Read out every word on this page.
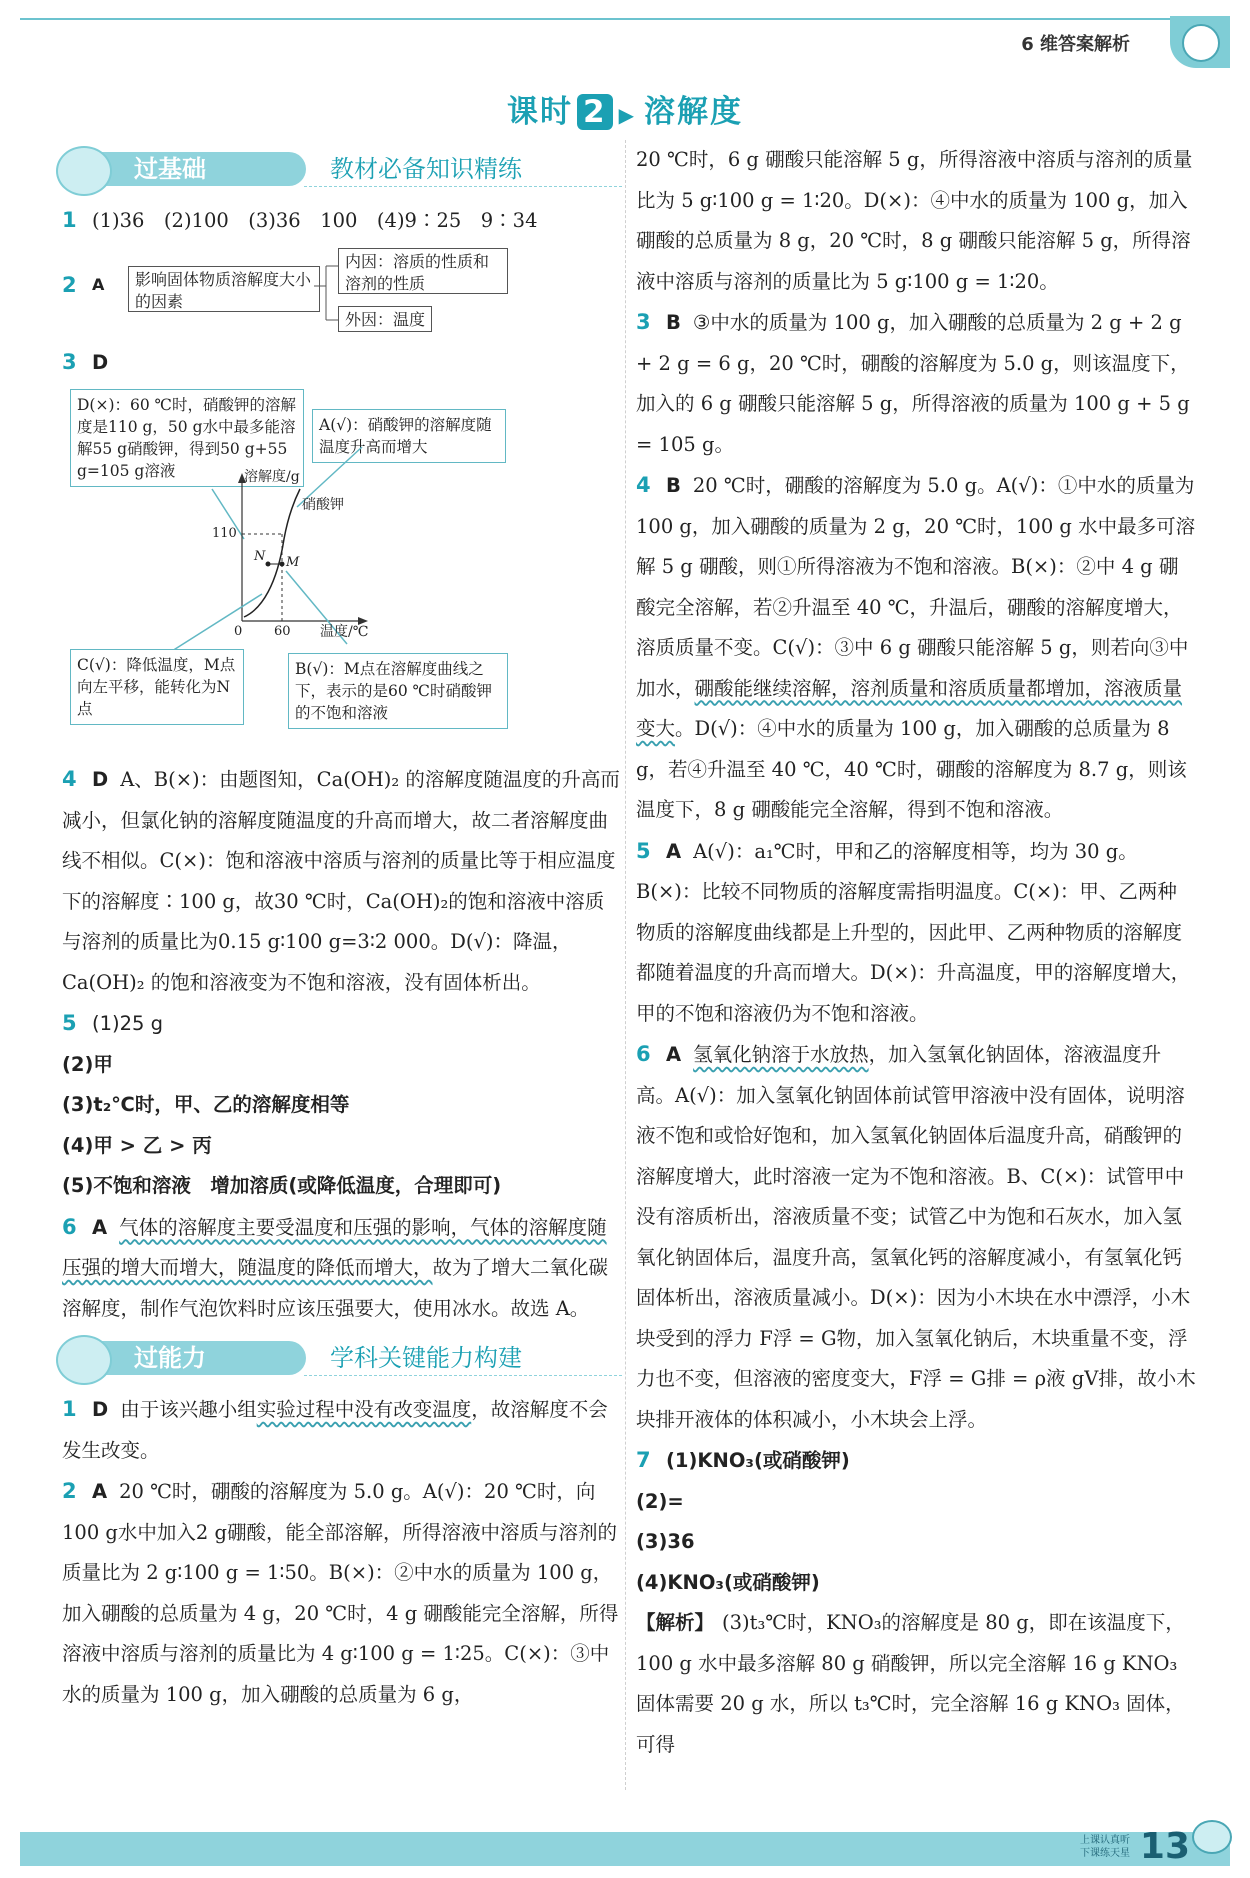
6 维答案解析
课时 2 ▶ 溶解度
过基础	教材必备知识精练

1 (1)36　(2)100　(3)36　100　(4)9∶25　9∶34

2 A	影响固体物质溶解度大小的因素
内因：溶质的性质和溶剂的性质
外因：温度

3 D

D(×)：60 ℃时，硝酸钾的溶解度是110 g，50 g水中最多能溶解55 g硝酸钾，得到50 g+55 g=105 g溶液
A(√)：硝酸钾的溶解度随温度升高而增大
溶解度/g
硝酸钾
110
0 60 温度/℃
N M
C(√)：降低温度，M点向左平移，能转化为N点
B(√)：M点在溶解度曲线之下，表示的是60 ℃时硝酸钾的不饱和溶液

4 D A、B(×)：由题图知，Ca(OH)₂ 的溶解度随温度的升高而减小，但氯化钠的溶解度随温度的升高而增大，故二者溶解度曲线不相似。C(×)：饱和溶液中溶质与溶剂的质量比等于相应温度下的溶解度∶100 g，故30 ℃时，Ca(OH)₂的饱和溶液中溶质与溶剂的质量比为0.15 g∶100 g=3∶2 000。D(√)：降温，Ca(OH)₂ 的饱和溶液变为不饱和溶液，没有固体析出。

5 (1)25 g

(2)甲

(3)t₂℃时，甲、乙的溶解度相等

(4)甲 > 乙 > 丙

(5)不饱和溶液　增加溶质(或降低温度，合理即可)

6 A 气体的溶解度主要受温度和压强的影响，气体的溶解度随压强的增大而增大，随温度的降低而增大，故为了增大二氧化碳溶解度，制作气泡饮料时应该压强要大，使用冰水。故选 A。

过能力	学科关键能力构建

1 D 由于该兴趣小组实验过程中没有改变温度，故溶解度不会发生改变。

2 A 20 ℃时，硼酸的溶解度为 5.0 g。A(√)：20 ℃时，向100 g水中加入2 g硼酸，能全部溶解，所得溶液中溶质与溶剂的质量比为 2 g∶100 g = 1∶50。B(×)：②中水的质量为 100 g，加入硼酸的总质量为 4 g，20 ℃时，4 g 硼酸能完全溶解，所得溶液中溶质与溶剂的质量比为 4 g∶100 g = 1∶25。C(×)：③中水的质量为 100 g，加入硼酸的总质量为 6 g，

20 ℃时，6 g 硼酸只能溶解 5 g，所得溶液中溶质与溶剂的质量比为 5 g∶100 g = 1∶20。D(×)：④中水的质量为 100 g，加入硼酸的总质量为 8 g，20 ℃时，8 g 硼酸只能溶解 5 g，所得溶液中溶质与溶剂的质量比为 5 g∶100 g = 1∶20。

3 B ③中水的质量为 100 g，加入硼酸的总质量为 2 g + 2 g + 2 g = 6 g，20 ℃时，硼酸的溶解度为 5.0 g，则该温度下，加入的 6 g 硼酸只能溶解 5 g，所得溶液的质量为 100 g + 5 g = 105 g。

4 B 20 ℃时，硼酸的溶解度为 5.0 g。A(√)：①中水的质量为 100 g，加入硼酸的质量为 2 g，20 ℃时，100 g 水中最多可溶解 5 g 硼酸，则①所得溶液为不饱和溶液。B(×)：②中 4 g 硼酸完全溶解，若②升温至 40 ℃，升温后，硼酸的溶解度增大，溶质质量不变。C(√)：③中 6 g 硼酸只能溶解 5 g，则若向③中加水，硼酸能继续溶解，溶剂质量和溶质质量都增加，溶液质量变大。D(√)：④中水的质量为 100 g，加入硼酸的总质量为 8 g，若④升温至 40 ℃，40 ℃时，硼酸的溶解度为 8.7 g，则该温度下，8 g 硼酸能完全溶解，得到不饱和溶液。

5 A A(√)：a₁℃时，甲和乙的溶解度相等，均为 30 g。B(×)：比较不同物质的溶解度需指明温度。C(×)：甲、乙两种物质的溶解度曲线都是上升型的，因此甲、乙两种物质的溶解度都随着温度的升高而增大。D(×)：升高温度，甲的溶解度增大，甲的不饱和溶液仍为不饱和溶液。

6 A 氢氧化钠溶于水放热，加入氢氧化钠固体，溶液温度升高。A(√)：加入氢氧化钠固体前试管甲溶液中没有固体，说明溶液不饱和或恰好饱和，加入氢氧化钠固体后温度升高，硝酸钾的溶解度增大，此时溶液一定为不饱和溶液。B、C(×)：试管甲中没有溶质析出，溶液质量不变；试管乙中为饱和石灰水，加入氢氧化钠固体后，温度升高，氢氧化钙的溶解度减小，有氢氧化钙固体析出，溶液质量减小。D(×)：因为小木块在水中漂浮，小木块受到的浮力 F浮 = G物，加入氢氧化钠后，木块重量不变，浮力也不变，但溶液的密度变大，F浮 = G排 = ρ液 gV排，故小木块排开液体的体积减小，小木块会上浮。

7 (1)KNO₃(或硝酸钾)

(2)=

(3)36

(4)KNO₃(或硝酸钾)

【解析】 (3)t₃℃时，KNO₃的溶解度是 80 g，即在该温度下，100 g 水中最多溶解 80 g 硝酸钾，所以完全溶解 16 g KNO₃ 固体需要 20 g 水，所以 t₃℃时，完全溶解 16 g KNO₃ 固体，可得

上课认真听
下课练天星 13
